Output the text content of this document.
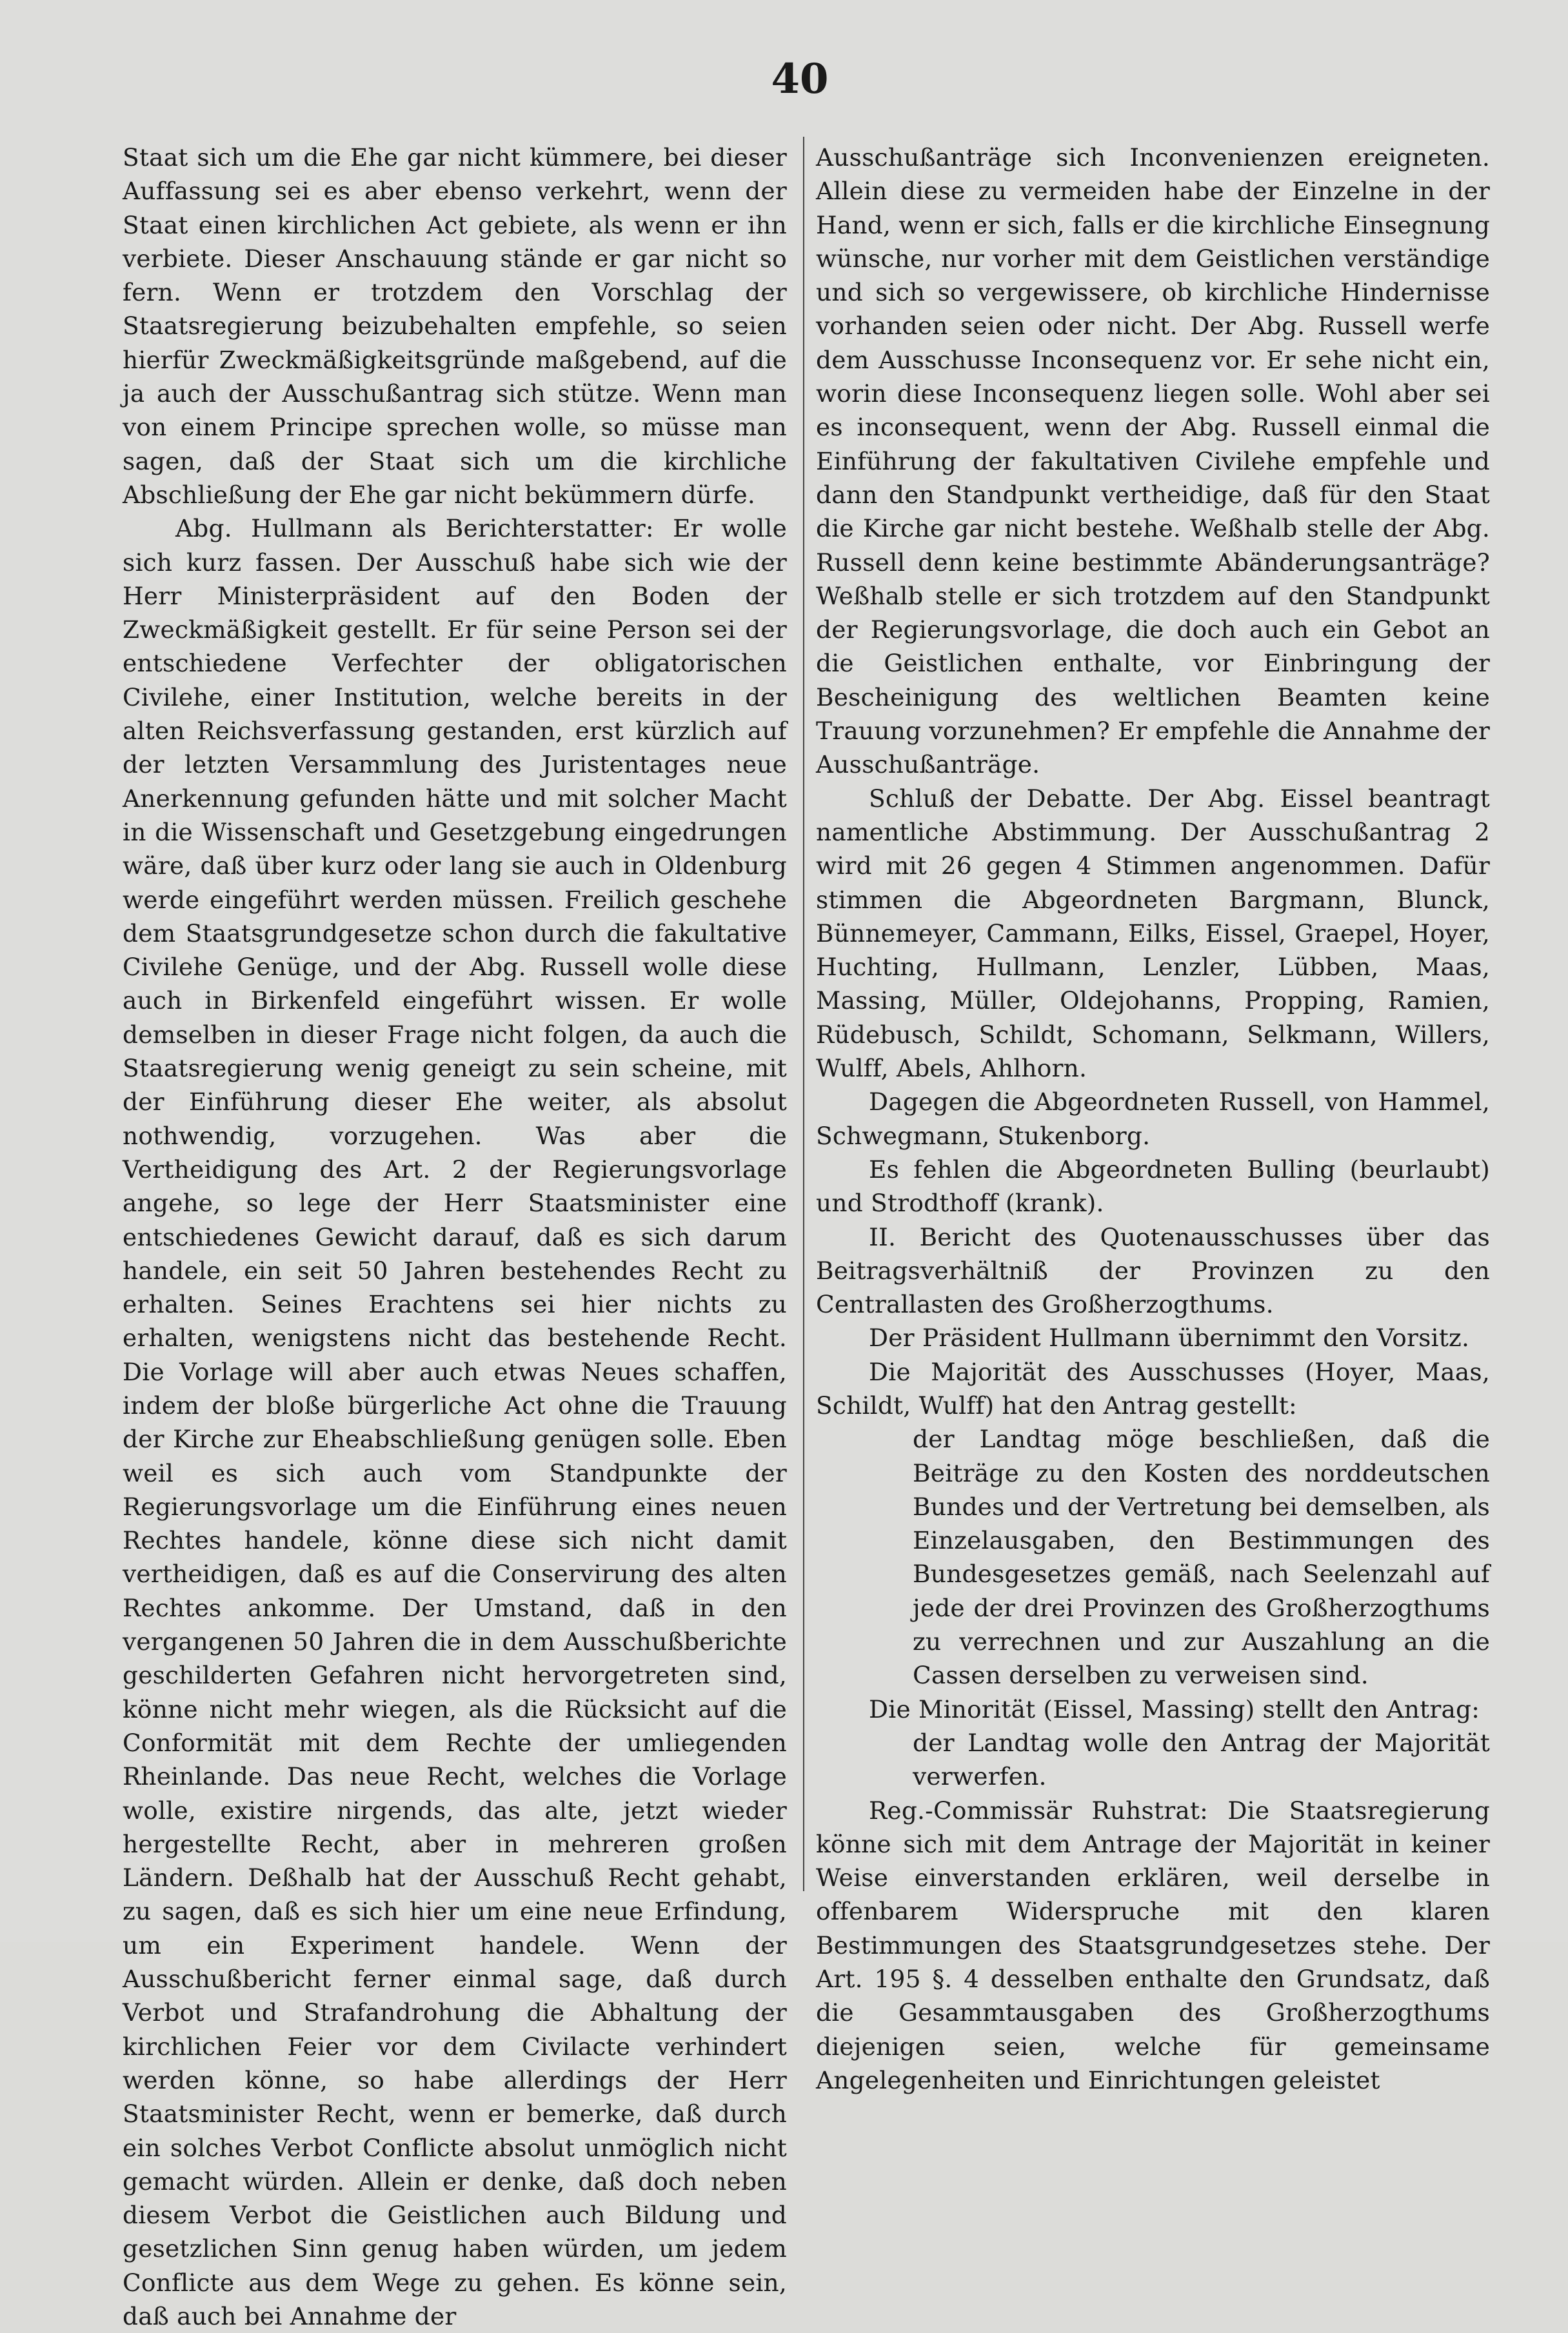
40

Staat sich um die Ehe gar nicht kümmere, bei dieser Auffassung sei es aber ebenso verkehrt, wenn der Staat einen kirchlichen Act gebiete, als wenn er ihn verbiete. Dieser Anschauung stände er gar nicht so fern. Wenn er trotzdem den Vorschlag der Staatsregierung beizubehalten empfehle, so seien hierfür Zweckmäßigkeitsgründe maßgebend, auf die ja auch der Ausschußantrag sich stütze. Wenn man von einem Principe sprechen wolle, so müsse man sagen, daß der Staat sich um die kirchliche Abschließung der Ehe gar nicht bekümmern dürfe.

Abg. Hullmann als Berichterstatter: Er wolle sich kurz fassen. Der Ausschuß habe sich wie der Herr Ministerpräsident auf den Boden der Zweckmäßigkeit gestellt. Er für seine Person sei der entschiedene Verfechter der obligatorischen Civilehe, einer Institution, welche bereits in der alten Reichsverfassung gestanden, erst kürzlich auf der letzten Versammlung des Juristentages neue Anerkennung gefunden hätte und mit solcher Macht in die Wissenschaft und Gesetzgebung eingedrungen wäre, daß über kurz oder lang sie auch in Oldenburg werde eingeführt werden müssen. Freilich geschehe dem Staatsgrundgesetze schon durch die fakultative Civilehe Genüge, und der Abg. Russell wolle diese auch in Birkenfeld eingeführt wissen. Er wolle demselben in dieser Frage nicht folgen, da auch die Staatsregierung wenig geneigt zu sein scheine, mit der Einführung dieser Ehe weiter, als absolut nothwendig, vorzugehen. Was aber die Vertheidigung des Art. 2 der Regierungsvorlage angehe, so lege der Herr Staatsminister eine entschiedenes Gewicht darauf, daß es sich darum handele, ein seit 50 Jahren bestehendes Recht zu erhalten. Seines Erachtens sei hier nichts zu erhalten, wenigstens nicht das bestehende Recht. Die Vorlage will aber auch etwas Neues schaffen, indem der bloße bürgerliche Act ohne die Trauung der Kirche zur Eheabschließung genügen solle. Eben weil es sich auch vom Standpunkte der Regierungsvorlage um die Einführung eines neuen Rechtes handele, könne diese sich nicht damit vertheidigen, daß es auf die Conservirung des alten Rechtes ankomme. Der Umstand, daß in den vergangenen 50 Jahren die in dem Ausschußberichte geschilderten Gefahren nicht hervorgetreten sind, könne nicht mehr wiegen, als die Rücksicht auf die Conformität mit dem Rechte der umliegenden Rheinlande. Das neue Recht, welches die Vorlage wolle, existire nirgends, das alte, jetzt wieder hergestellte Recht, aber in mehreren großen Ländern. Deßhalb hat der Ausschuß Recht gehabt, zu sagen, daß es sich hier um eine neue Erfindung, um ein Experiment handele. Wenn der Ausschußbericht ferner einmal sage, daß durch Verbot und Strafandrohung die Abhaltung der kirchlichen Feier vor dem Civilacte verhindert werden könne, so habe allerdings der Herr Staatsminister Recht, wenn er bemerke, daß durch ein solches Verbot Conflicte absolut unmöglich nicht gemacht würden. Allein er denke, daß doch neben diesem Verbot die Geistlichen auch Bildung und gesetzlichen Sinn genug haben würden, um jedem Conflicte aus dem Wege zu gehen. Es könne sein, daß auch bei Annahme der

Ausschußanträge sich Inconvenienzen ereigneten. Allein diese zu vermeiden habe der Einzelne in der Hand, wenn er sich, falls er die kirchliche Einsegnung wünsche, nur vorher mit dem Geistlichen verständige und sich so vergewissere, ob kirchliche Hindernisse vorhanden seien oder nicht. Der Abg. Russell werfe dem Ausschusse Inconsequenz vor. Er sehe nicht ein, worin diese Inconsequenz liegen solle. Wohl aber sei es inconsequent, wenn der Abg. Russell einmal die Einführung der fakultativen Civilehe empfehle und dann den Standpunkt vertheidige, daß für den Staat die Kirche gar nicht bestehe. Weßhalb stelle der Abg. Russell denn keine bestimmte Abänderungsanträge? Weßhalb stelle er sich trotzdem auf den Standpunkt der Regierungsvorlage, die doch auch ein Gebot an die Geistlichen enthalte, vor Einbringung der Bescheinigung des weltlichen Beamten keine Trauung vorzunehmen? Er empfehle die Annahme der Ausschußanträge.

Schluß der Debatte. Der Abg. Eissel beantragt namentliche Abstimmung. Der Ausschußantrag 2 wird mit 26 gegen 4 Stimmen angenommen. Dafür stimmen die Abgeordneten Bargmann, Blunck, Bünnemeyer, Cammann, Eilks, Eissel, Graepel, Hoyer, Huchting, Hullmann, Lenzler, Lübben, Maas, Massing, Müller, Oldejohanns, Propping, Ramien, Rüdebusch, Schildt, Schomann, Selkmann, Willers, Wulff, Abels, Ahlhorn.

Dagegen die Abgeordneten Russell, von Hammel, Schwegmann, Stukenborg.

Es fehlen die Abgeordneten Bulling (beurlaubt) und Strodthoff (krank).

II. Bericht des Quotenausschusses über das Beitragsverhältniß der Provinzen zu den Centrallasten des Großherzogthums.

Der Präsident Hullmann übernimmt den Vorsitz.

Die Majorität des Ausschusses (Hoyer, Maas, Schildt, Wulff) hat den Antrag gestellt:

der Landtag möge beschließen, daß die Beiträge zu den Kosten des norddeutschen Bundes und der Vertretung bei demselben, als Einzelausgaben, den Bestimmungen des Bundesgesetzes gemäß, nach Seelenzahl auf jede der drei Provinzen des Großherzogthums zu verrechnen und zur Auszahlung an die Cassen derselben zu verweisen sind.

Die Minorität (Eissel, Massing) stellt den Antrag:

der Landtag wolle den Antrag der Majorität verwerfen.

Reg.-Commissär Ruhstrat: Die Staatsregierung könne sich mit dem Antrage der Majorität in keiner Weise einverstanden erklären, weil derselbe in offenbarem Widerspruche mit den klaren Bestimmungen des Staatsgrundgesetzes stehe. Der Art. 195 §. 4 desselben enthalte den Grundsatz, daß die Gesammtausgaben des Großherzogthums diejenigen seien, welche für gemeinsame Angelegenheiten und Einrichtungen geleistet
